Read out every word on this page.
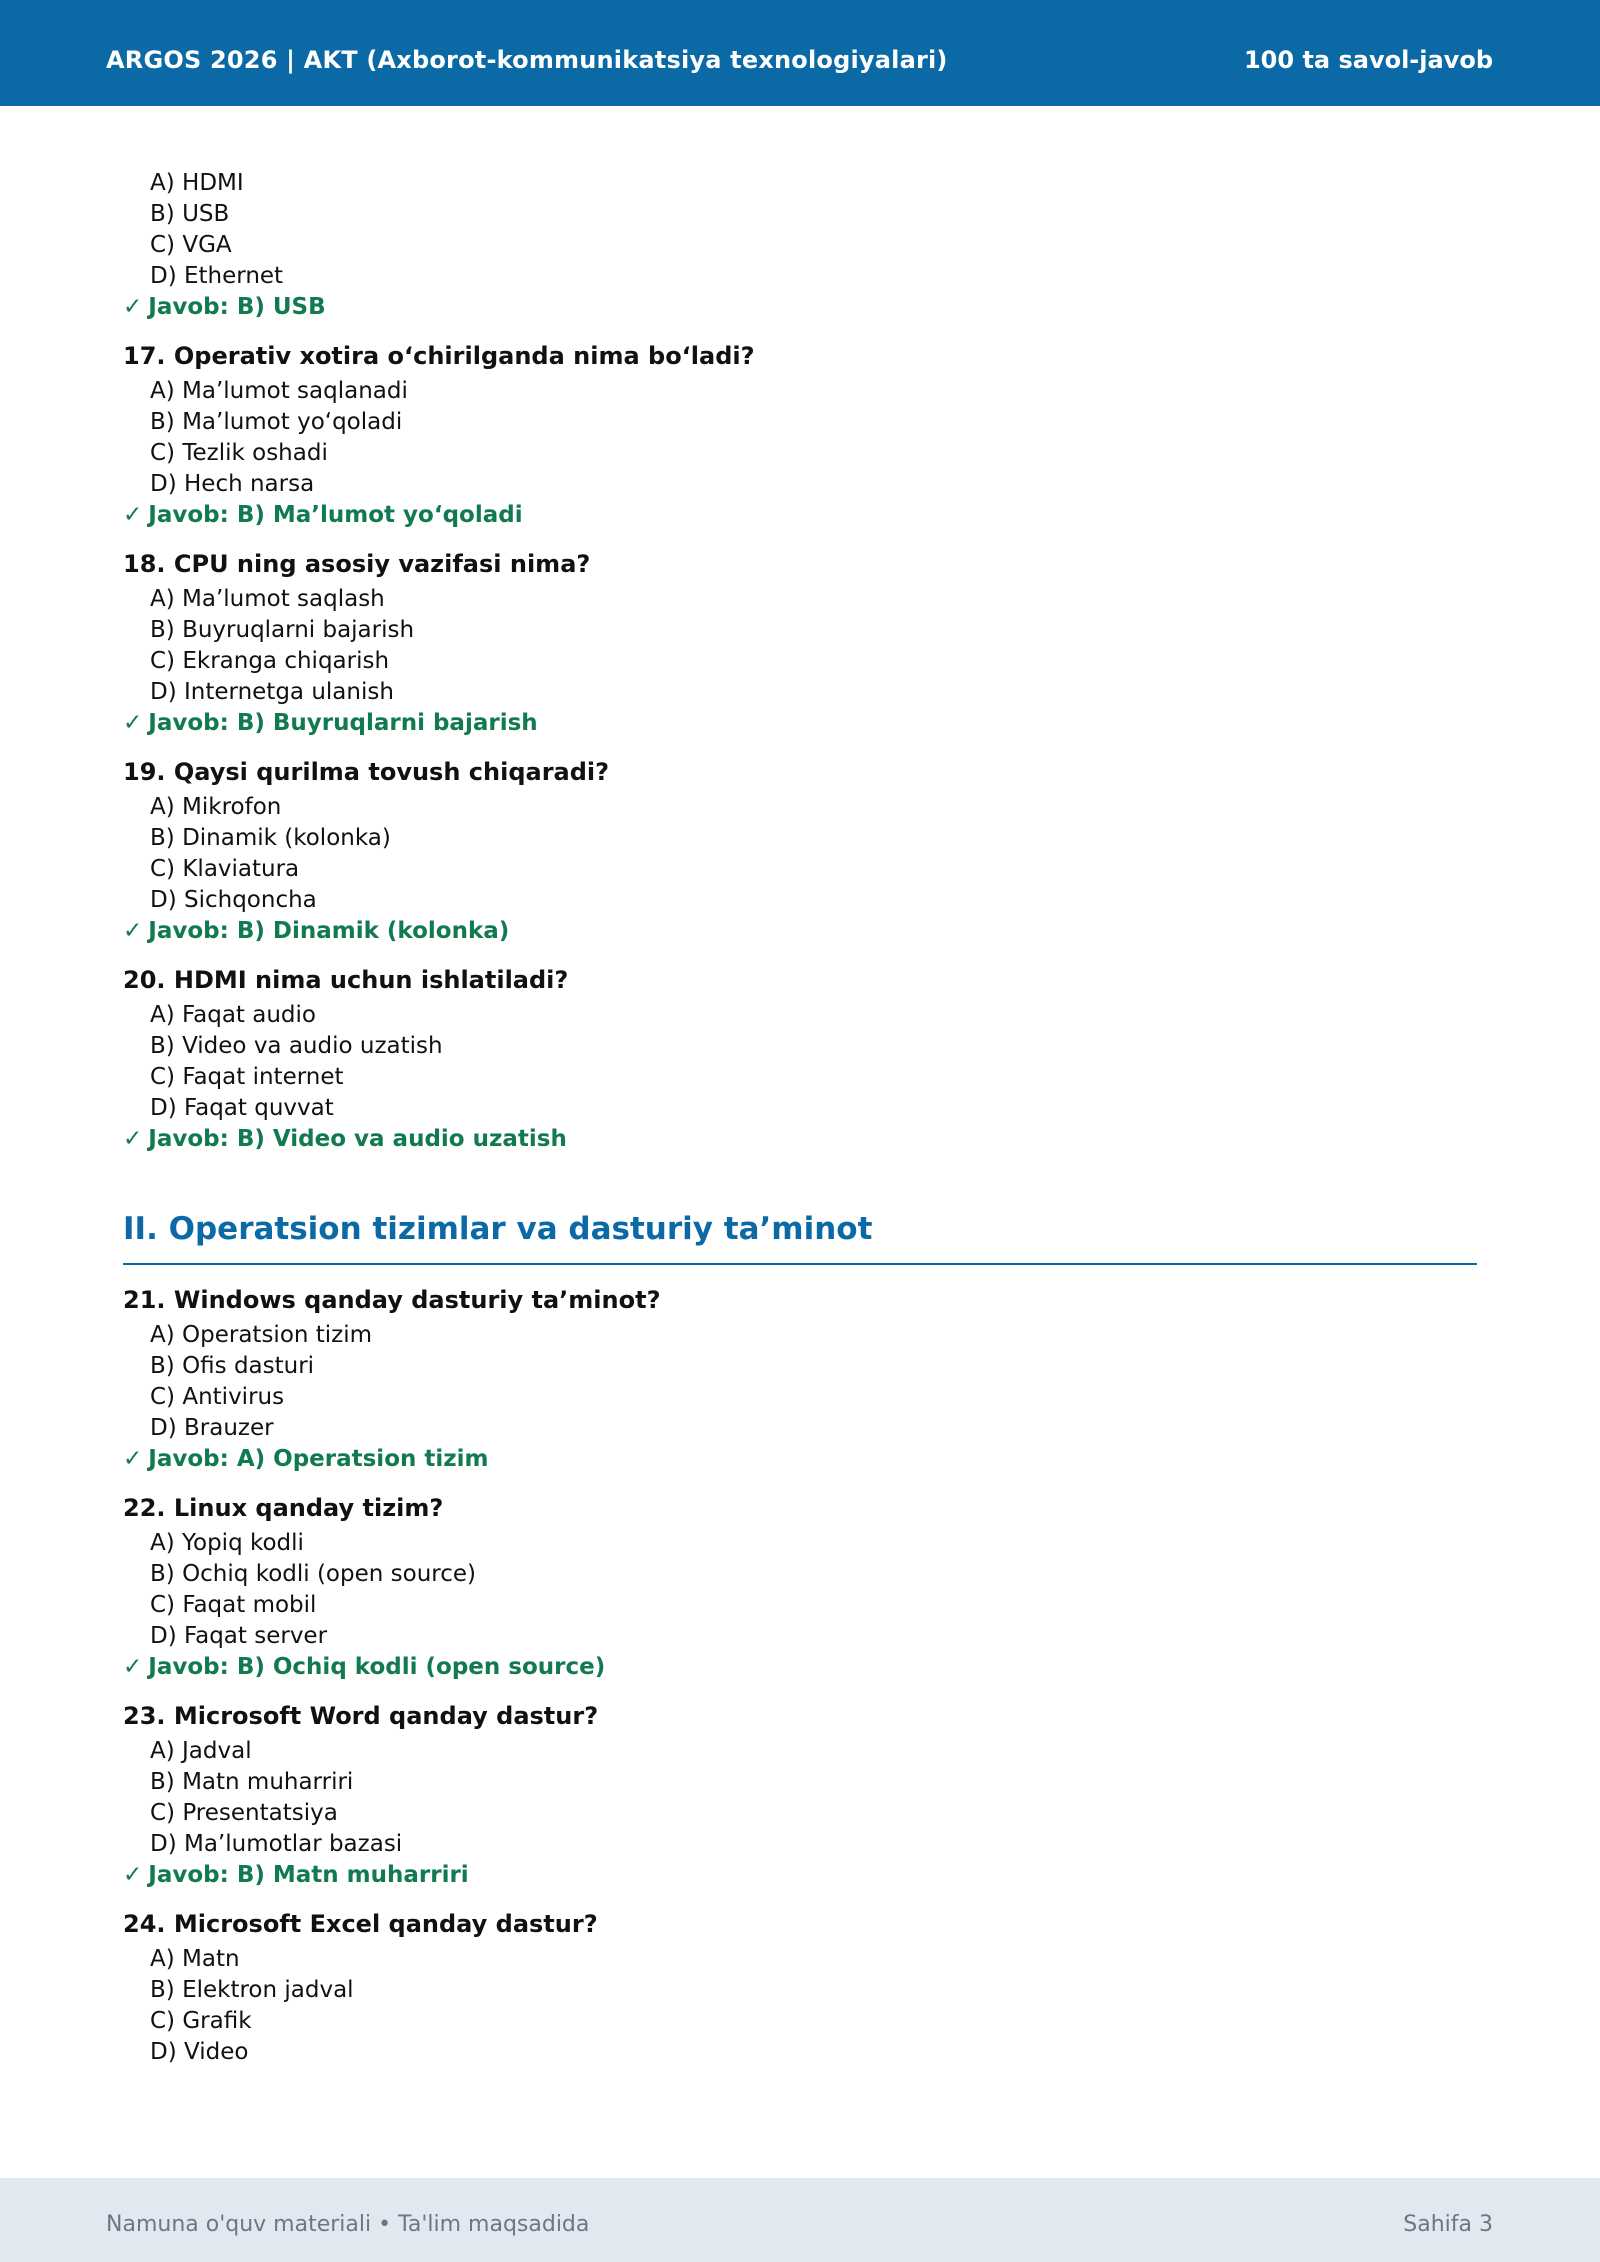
ARGOS 2026 | AKT (Axborot-kommunikatsiya texnologiyalari)	100 ta savol-javob
A) HDMI
B) USB
C) VGA
D) Ethernet
✓ Javob: B) USB
17. Operativ xotira o‘chirilganda nima bo‘ladi?
A) Ma’lumot saqlanadi
B) Ma’lumot yo‘qoladi
C) Tezlik oshadi
D) Hech narsa
✓ Javob: B) Ma’lumot yo‘qoladi
18. CPU ning asosiy vazifasi nima?
A) Ma’lumot saqlash
B) Buyruqlarni bajarish
C) Ekranga chiqarish
D) Internetga ulanish
✓ Javob: B) Buyruqlarni bajarish
19. Qaysi qurilma tovush chiqaradi?
A) Mikrofon
B) Dinamik (kolonka)
C) Klaviatura
D) Sichqoncha
✓ Javob: B) Dinamik (kolonka)
20. HDMI nima uchun ishlatiladi?
A) Faqat audio
B) Video va audio uzatish
C) Faqat internet
D) Faqat quvvat
✓ Javob: B) Video va audio uzatish
II. Operatsion tizimlar va dasturiy ta’minot
21. Windows qanday dasturiy ta’minot?
A) Operatsion tizim
B) Ofis dasturi
C) Antivirus
D) Brauzer
✓ Javob: A) Operatsion tizim
22. Linux qanday tizim?
A) Yopiq kodli
B) Ochiq kodli (open source)
C) Faqat mobil
D) Faqat server
✓ Javob: B) Ochiq kodli (open source)
23. Microsoft Word qanday dastur?
A) Jadval
B) Matn muharriri
C) Presentatsiya
D) Ma’lumotlar bazasi
✓ Javob: B) Matn muharriri
24. Microsoft Excel qanday dastur?
A) Matn
B) Elektron jadval
C) Grafik
D) Video
Namuna o'quv materiali • Ta'lim maqsadida	Sahifa 3
